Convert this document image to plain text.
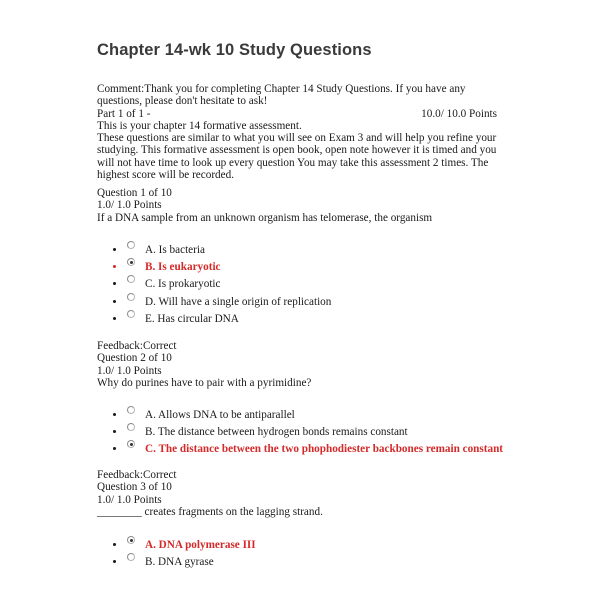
Chapter 14-wk 10 Study Questions
Comment:Thank you for completing Chapter 14 Study Questions. If you have any questions, please don't hesitate to ask!
Part 1 of 1 -	10.0/ 10.0 Points
This is your chapter 14 formative assessment.
These questions are similar to what you will see on Exam 3 and will help you refine your studying. This formative assessment is open book, open note however it is timed and you will not have time to look up every question You may take this assessment 2 times. The highest score will be recorded.
Question 1 of 10
1.0/ 1.0 Points
If a DNA sample from an unknown organism has telomerase, the organism
A. Is bacteria
B. Is eukaryotic
C. Is prokaryotic
D. Will have a single origin of replication
E. Has circular DNA
Feedback:Correct
Question 2 of 10
1.0/ 1.0 Points
Why do purines have to pair with a pyrimidine?
A. Allows DNA to be antiparallel
B. The distance between hydrogen bonds remains constant
C. The distance between the two phophodiester backbones remain constant
Feedback:Correct
Question 3 of 10
1.0/ 1.0 Points
________ creates fragments on the lagging strand.
A. DNA polymerase III
B. DNA gyrase
